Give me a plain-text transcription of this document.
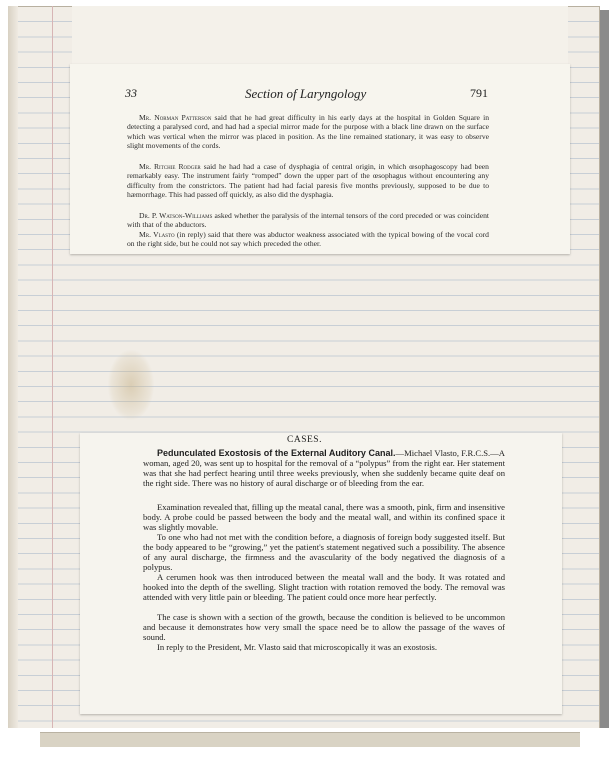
33	Section of Laryngology	791

Mr. Norman Patterson said that he had great difficulty in his early days at the hospital in Golden Square in detecting a paralysed cord, and had had a special mirror made for the purpose with a black line drawn on the surface which was vertical when the mirror was placed in position. As the line remained stationary, it was easy to observe slight movements of the cords.

Mr. Ritchie Rodger said he had had a case of dysphagia of central origin, in which œsophagoscopy had been remarkably easy. The instrument fairly “romped” down the upper part of the œsophagus without encountering any difficulty from the constrictors. The patient had had facial paresis five months previously, supposed to be due to hæmorrhage. This had passed off quickly, as also did the dysphagia.

Dr. P. Watson-Williams asked whether the paralysis of the internal tensors of the cord preceded or was coincident with that of the abductors.

Mr. Vlasto (in reply) said that there was abductor weakness associated with the typical bowing of the vocal cord on the right side, but he could not say which preceded the other.

CASES.

Pedunculated Exostosis of the External Auditory Canal.—Michael Vlasto, F.R.C.S.—A woman, aged 20, was sent up to hospital for the removal of a “polypus” from the right ear. Her statement was that she had perfect hearing until three weeks previously, when she suddenly became quite deaf on the right side. There was no history of aural discharge or of bleeding from the ear.

Examination revealed that, filling up the meatal canal, there was a smooth, pink, firm and insensitive body. A probe could be passed between the body and the meatal wall, and within its confined space it was slightly movable.

To one who had not met with the condition before, a diagnosis of foreign body suggested itself. But the body appeared to be “growing,” yet the patient's statement negatived such a possibility. The absence of any aural discharge, the firmness and the avascularity of the body negatived the diagnosis of a polypus.

A cerumen hook was then introduced between the meatal wall and the body. It was rotated and hooked into the depth of the swelling. Slight traction with rotation removed the body. The removal was attended with very little pain or bleeding. The patient could once more hear perfectly.

The case is shown with a section of the growth, because the condition is believed to be uncommon and because it demonstrates how very small the space need be to allow the passage of the waves of sound.

In reply to the President, Mr. Vlasto said that microscopically it was an exostosis.
